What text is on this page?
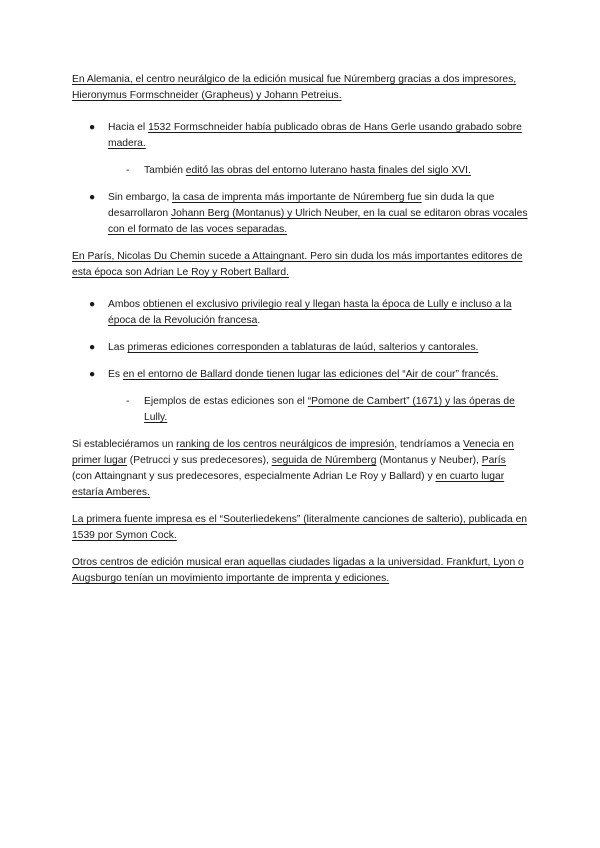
En Alemania, el centro neurálgico de la edición musical fue Núremberg gracias a dos impresores, Hieronymus Formschneider (Grapheus) y Johann Petreius.

● Hacia el 1532 Formschneider había publicado obras de Hans Gerle usando grabado sobre madera.
- También editó las obras del entorno luterano hasta finales del siglo XVI.
● Sin embargo, la casa de imprenta más importante de Núremberg fue sin duda la que desarrollaron Johann Berg (Montanus) y Ulrich Neuber, en la cual se editaron obras vocales con el formato de las voces separadas.

En París, Nicolas Du Chemin sucede a Attaingnant. Pero sin duda los más importantes editores de esta época son Adrian Le Roy y Robert Ballard.

● Ambos obtienen el exclusivo privilegio real y llegan hasta la época de Lully e incluso a la época de la Revolución francesa.
● Las primeras ediciones corresponden a tablaturas de laúd, salterios y cantorales.
● Es en el entorno de Ballard donde tienen lugar las ediciones del “Air de cour” francés.
- Ejemplos de estas ediciones son el “Pomone de Cambert” (1671) y las óperas de Lully.

Si estableciéramos un ranking de los centros neurálgicos de impresión, tendríamos a Venecia en primer lugar (Petrucci y sus predecesores), seguida de Núremberg (Montanus y Neuber), París (con Attaingnant y sus predecesores, especialmente Adrian Le Roy y Ballard) y en cuarto lugar estaría Amberes.

La primera fuente impresa es el “Souterliedekens” (literalmente canciones de salterio), publicada en 1539 por Symon Cock.

Otros centros de edición musical eran aquellas ciudades ligadas a la universidad. Frankfurt, Lyon o Augsburgo tenían un movimiento importante de imprenta y ediciones.
